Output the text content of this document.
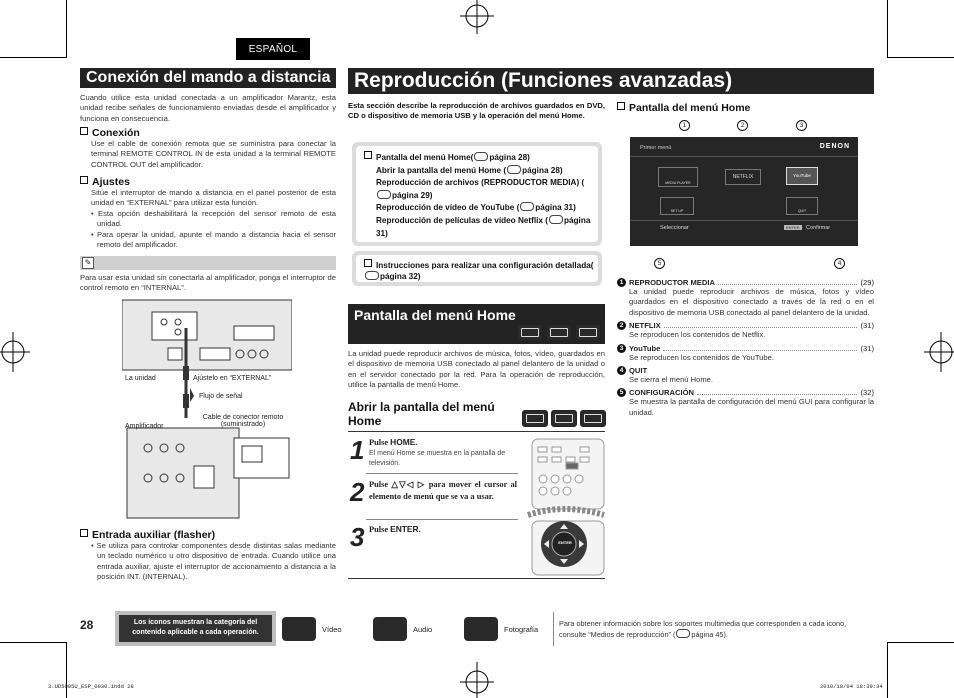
ESPAÑOL
Conexión del mando a distancia
Cuando utilice esta unidad conectada a un amplificador Marantz, esta unidad recibe señales de funcionamiento enviadas desde el amplificador y funciona en consecuencia.
Conexión
Use el cable de conexión remota que se suministra para conectar la terminal REMOTE CONTROL IN de esta unidad a la terminal REMOTE CONTROL OUT del amplificador.
Ajustes
Sitúe el interruptor de mando a distancia en el panel posterior de esta unidad en “EXTERNAL” para utilizar esta función.
• Esta opción deshabilitará la recepción del sensor remoto de esta unidad.
• Para operar la unidad, apunte el mando a distancia hacia el sensor remoto del amplificador.
✎
Para usar esta unidad sin conectarla al amplificador, ponga el interruptor de control remoto en “INTERNAL”.
La unidad	Ajústelo en “EXTERNAL”
Flujo de señal
Amplificador
Cable de conector remoto (suministrado)
Entrada auxiliar (flasher)
• Se utiliza para controlar componentes desde distintas salas mediante un teclado numérico u otro dispositivo de entrada. Cuando utilice una entrada auxiliar, ajuste el interruptor de accionamiento a distancia a la posición INT. (INTERNAL).
Reproducción (Funciones avanzadas)
Esta sección describe la reproducción de archivos guardados en DVD, CD o dispositivo de memoria USB y la operación del menú Home.
Pantalla del menú Home( página 28)
Abrir la pantalla del menú Home ( página 28)
Reproducción de archivos (REPRODUCTOR MEDIA) (página 29)
Reproducción de vídeo de YouTube ( página 31)
Reproducción de películas de vídeo Netflix ( página 31)
Instrucciones para realizar una configuración detallada(página 32)
Pantalla del menú Home
La unidad puede reproducir archivos de música, fotos, vídeo, guardados en el dispositivo de memoria USB conectado al panel delantero de la unidad o en el servidor conectado por la red. Para la operación de reproducción, utilice la pantalla de menú Home.
Abrir la pantalla del menú Home
1 Pulse HOME.
El menú Home se muestra en la pantalla de televisión.
2 Pulse △▽◁ ▷ para mover el cursor al elemento de menú que se va a usar.
3 Pulse ENTER.
ENTER
Pantalla del menú Home
1	2	3
Primer menú	DENON
MEDIA PLAYER
NETFLIX	YouTube
SET UP	QUIT
Seleccionar	ENTER	Confirmar
5	4
1 REPRODUCTOR MEDIA	(29)
La unidad puede reproducir archivos de música, fotos y vídeo guardados en el dispositivo conectado a través de la red o en el dispositivo de memoria USB conectado al panel delantero de la unidad.
2 NETFLIX	(31)
Se reproducen los contenidos de Netflix.
3 YouTube	(31)
Se reproducen los contenidos de YouTube.
4 QUIT
Se cierra el menú Home.
5 CONFIGURACIÓN	(32)
Se muestra la pantalla de configuración del menú GUI para configurar la unidad.
28	Los iconos muestran la categoría del contenido aplicable a cada operación.	Vídeo	Audio	Fotografía
Para obtener información sobre los soportes multimedia que corresponden a cada icono, consulte “Medios de reproducción” ( página 45).
3.UD5005U_ESP_0930.indd 28	2010/10/04 18:39:34
